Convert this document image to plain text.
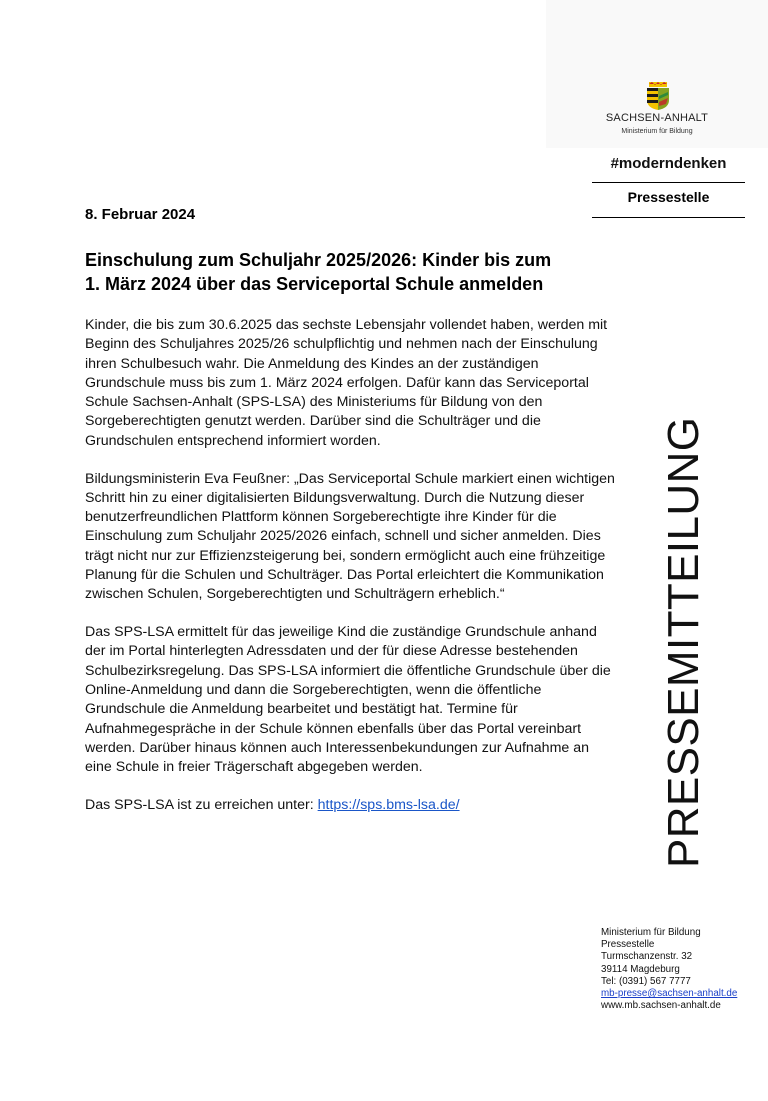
SACHSEN-ANHALT
Ministerium für Bildung
#moderndenken
Pressestelle
PRESSEMITTEILUNG
8. Februar 2024
Einschulung zum Schuljahr 2025/2026: Kinder bis zum
1. März 2024 über das Serviceportal Schule anmelden

Kinder, die bis zum 30.6.2025 das sechste Lebensjahr vollendet haben, werden mit Beginn des Schuljahres 2025/26 schulpflichtig und nehmen nach der Einschulung ihren Schulbesuch wahr. Die Anmeldung des Kindes an der zuständigen Grundschule muss bis zum 1. März 2024 erfolgen. Dafür kann das Serviceportal Schule Sachsen-Anhalt (SPS-LSA) des Ministeriums für Bildung von den Sorgeberechtigten genutzt werden. Darüber sind die Schulträger und die Grundschulen entsprechend informiert worden.

Bildungsministerin Eva Feußner: „Das Serviceportal Schule markiert einen wichtigen Schritt hin zu einer digitalisierten Bildungsverwaltung. Durch die Nutzung dieser benutzerfreundlichen Plattform können Sorgeberechtigte ihre Kinder für die Einschulung zum Schuljahr 2025/2026 einfach, schnell und sicher anmelden. Dies trägt nicht nur zur Effizienzsteigerung bei, sondern ermöglicht auch eine frühzeitige Planung für die Schulen und Schulträger. Das Portal erleichtert die Kommunikation zwischen Schulen, Sorgeberechtigten und Schulträgern erheblich.“

Das SPS-LSA ermittelt für das jeweilige Kind die zuständige Grundschule anhand der im Portal hinterlegten Adressdaten und der für diese Adresse bestehenden Schulbezirksregelung. Das SPS-LSA informiert die öffentliche Grundschule über die Online-Anmeldung und dann die Sorgeberechtigten, wenn die öffentliche Grundschule die Anmeldung bearbeitet und bestätigt hat. Termine für Aufnahmegespräche in der Schule können ebenfalls über das Portal vereinbart werden. Darüber hinaus können auch Interessenbekundungen zur Aufnahme an eine Schule in freier Trägerschaft abgegeben werden.

Das SPS-LSA ist zu erreichen unter: https://sps.bms-lsa.de/

Ministerium für Bildung
Pressestelle
Turmschanzenstr. 32
39114 Magdeburg
Tel: (0391) 567 7777
mb-presse@sachsen-anhalt.de
www.mb.sachsen-anhalt.de
